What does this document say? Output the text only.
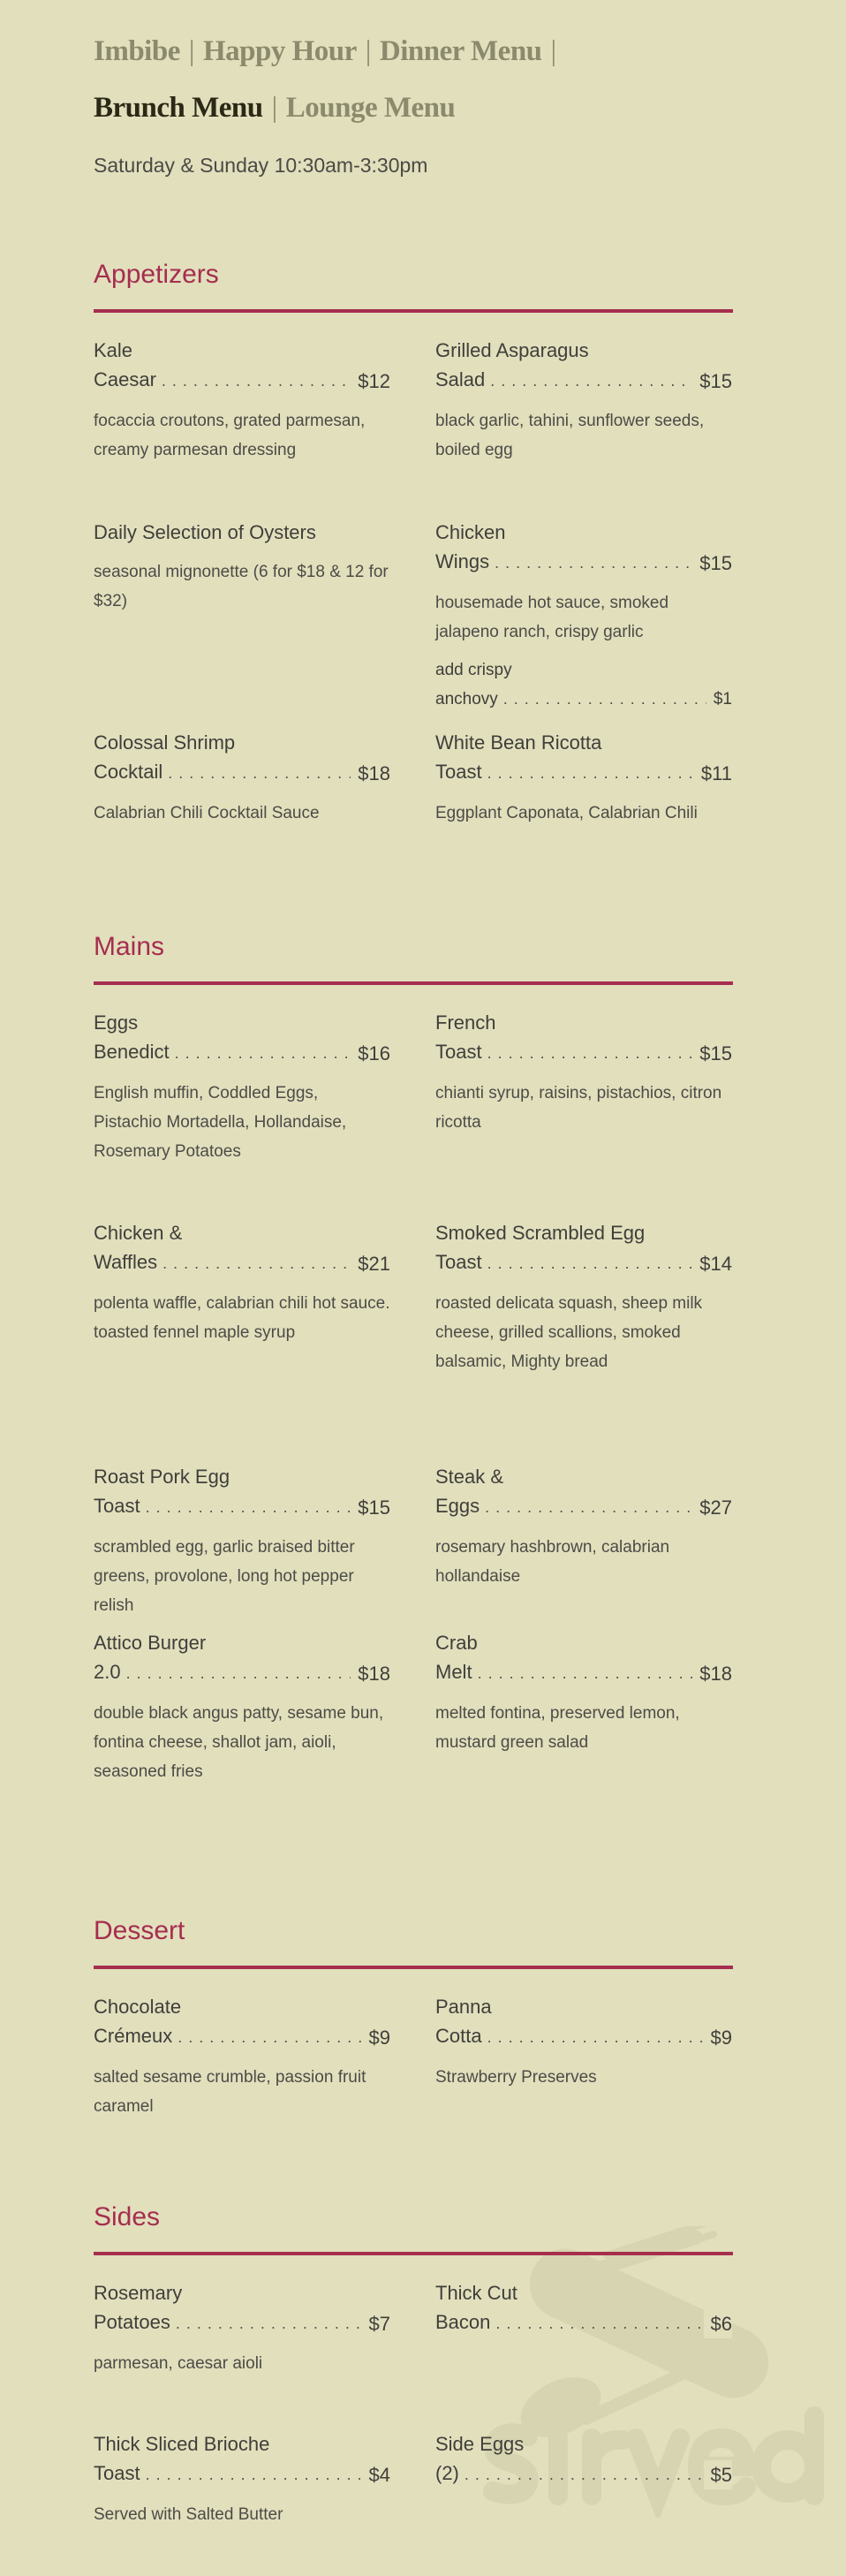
Imbibe | Happy Hour | Dinner Menu |
Brunch Menu | Lounge Menu
Saturday & Sunday 10:30am-3:30pm
Appetizers
Kale Caesar . . .	$12
focaccia croutons, grated parmesan, creamy parmesan dressing
Grilled Asparagus Salad . . .	$15
black garlic, tahini, sunflower seeds, boiled egg
Daily Selection of Oysters
seasonal mignonette (6 for $18 & 12 for $32)
Chicken Wings . . .	$15
housemade hot sauce, smoked jalapeno ranch, crispy garlic
add crispy anchovy . . .	$1
Colossal Shrimp Cocktail . . .	$18
Calabrian Chili Cocktail Sauce
White Bean Ricotta Toast . . .	$11
Eggplant Caponata, Calabrian Chili
Mains
Eggs Benedict . . .	$16
English muffin, Coddled Eggs, Pistachio Mortadella, Hollandaise, Rosemary Potatoes
French Toast . . .	$15
chianti syrup, raisins, pistachios, citron ricotta
Chicken & Waffles . . .	$21
polenta waffle, calabrian chili hot sauce. toasted fennel maple syrup
Smoked Scrambled Egg Toast . . .	$14
roasted delicata squash, sheep milk cheese, grilled scallions, smoked balsamic, Mighty bread
Roast Pork Egg Toast . . .	$15
scrambled egg, garlic braised bitter greens, provolone, long hot pepper relish
Steak & Eggs . . .	$27
rosemary hashbrown, calabrian hollandaise
Attico Burger 2.0 . . .	$18
double black angus patty, sesame bun, fontina cheese, shallot jam, aioli, seasoned fries
Crab Melt . . .	$18
melted fontina, preserved lemon, mustard green salad
Dessert
Chocolate Crémeux . . .	$9
salted sesame crumble, passion fruit caramel
Panna Cotta . . .	$9
Strawberry Preserves
Sides
Rosemary Potatoes . . .	$7
parmesan, caesar aioli
Thick Cut Bacon . . .	$6
Thick Sliced Brioche Toast . . .	$4
Served with Salted Butter
Side Eggs (2) . . .	$5
